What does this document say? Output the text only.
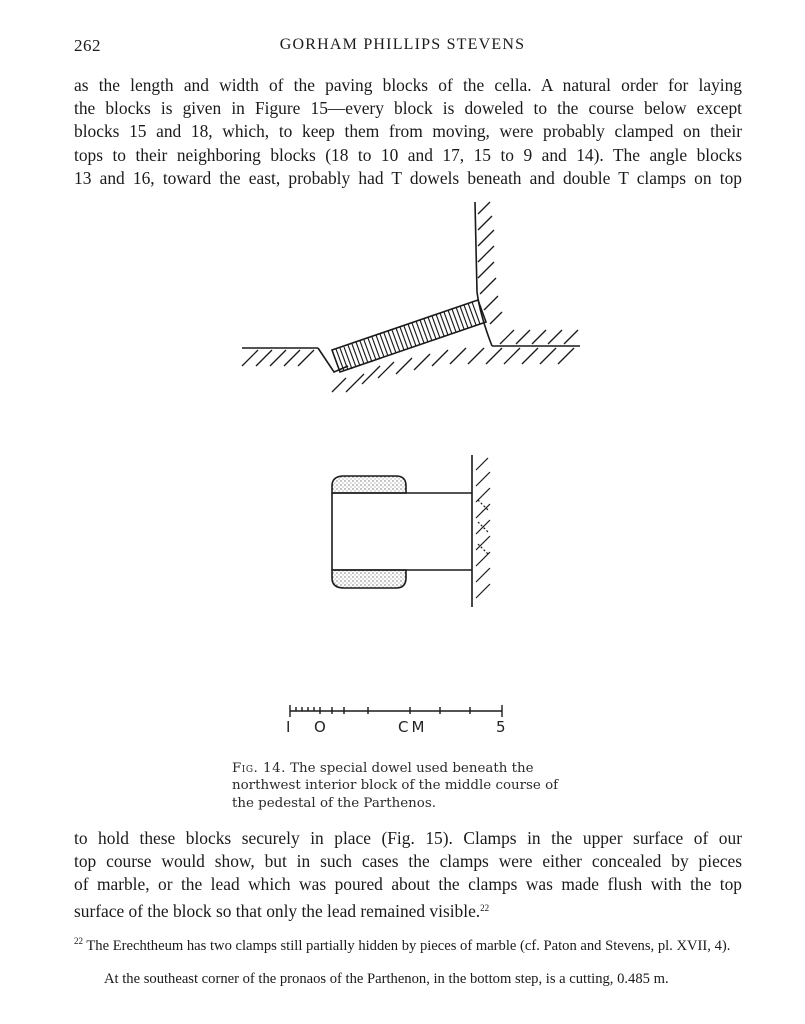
262	GORHAM PHILLIPS STEVENS
as the length and width of the paving blocks of the cella. A natural order for laying
the blocks is given in Figure 15—every block is doweled to the course below except
blocks 15 and 18, which, to keep them from moving, were probably clamped on their
tops to their neighboring blocks (18 to 10 and 17, 15 to 9 and 14). The angle blocks
13 and 16, toward the east, probably had T dowels beneath and double T clamps on top
I O	CM	5
Fig. 14. The special dowel used beneath the northwest interior block of the middle course of the pedestal of the Parthenos.
to hold these blocks securely in place (Fig. 15). Clamps in the upper surface of our
top course would show, but in such cases the clamps were either concealed by pieces
of marble, or the lead which was poured about the clamps was made flush with the top
surface of the block so that only the lead remained visible.$^{22}$
$^{22}$ The Erechtheum has two clamps still partially hidden by pieces of marble (cf. Paton and Stevens, pl. XVII, 4).
At the southeast corner of the pronaos of the Parthenon, in the bottom step, is a cutting, 0.485 m.
